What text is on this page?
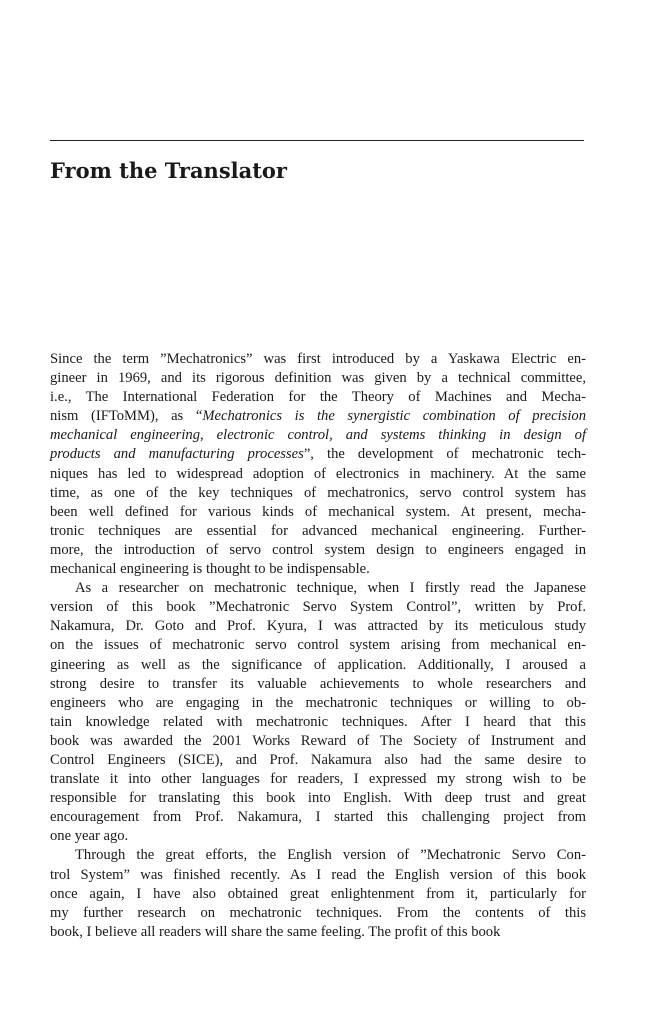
From the Translator
Since the term ”Mechatronics” was first introduced by a Yaskawa Electric en-
gineer in 1969, and its rigorous definition was given by a technical committee,
i.e., The International Federation for the Theory of Machines and Mecha-
nism (IFToMM), as “Mechatronics is the synergistic combination of precision
mechanical engineering, electronic control, and systems thinking in design of
products and manufacturing processes”, the development of mechatronic tech-
niques has led to widespread adoption of electronics in machinery. At the same
time, as one of the key techniques of mechatronics, servo control system has
been well defined for various kinds of mechanical system. At present, mecha-
tronic techniques are essential for advanced mechanical engineering. Further-
more, the introduction of servo control system design to engineers engaged in
mechanical engineering is thought to be indispensable.
As a researcher on mechatronic technique, when I firstly read the Japanese
version of this book ”Mechatronic Servo System Control”, written by Prof.
Nakamura, Dr. Goto and Prof. Kyura, I was attracted by its meticulous study
on the issues of mechatronic servo control system arising from mechanical en-
gineering as well as the significance of application. Additionally, I aroused a
strong desire to transfer its valuable achievements to whole researchers and
engineers who are engaging in the mechatronic techniques or willing to ob-
tain knowledge related with mechatronic techniques. After I heard that this
book was awarded the 2001 Works Reward of The Society of Instrument and
Control Engineers (SICE), and Prof. Nakamura also had the same desire to
translate it into other languages for readers, I expressed my strong wish to be
responsible for translating this book into English. With deep trust and great
encouragement from Prof. Nakamura, I started this challenging project from
one year ago.
Through the great efforts, the English version of ”Mechatronic Servo Con-
trol System” was finished recently. As I read the English version of this book
once again, I have also obtained great enlightenment from it, particularly for
my further research on mechatronic techniques. From the contents of this
book, I believe all readers will share the same feeling. The profit of this book
